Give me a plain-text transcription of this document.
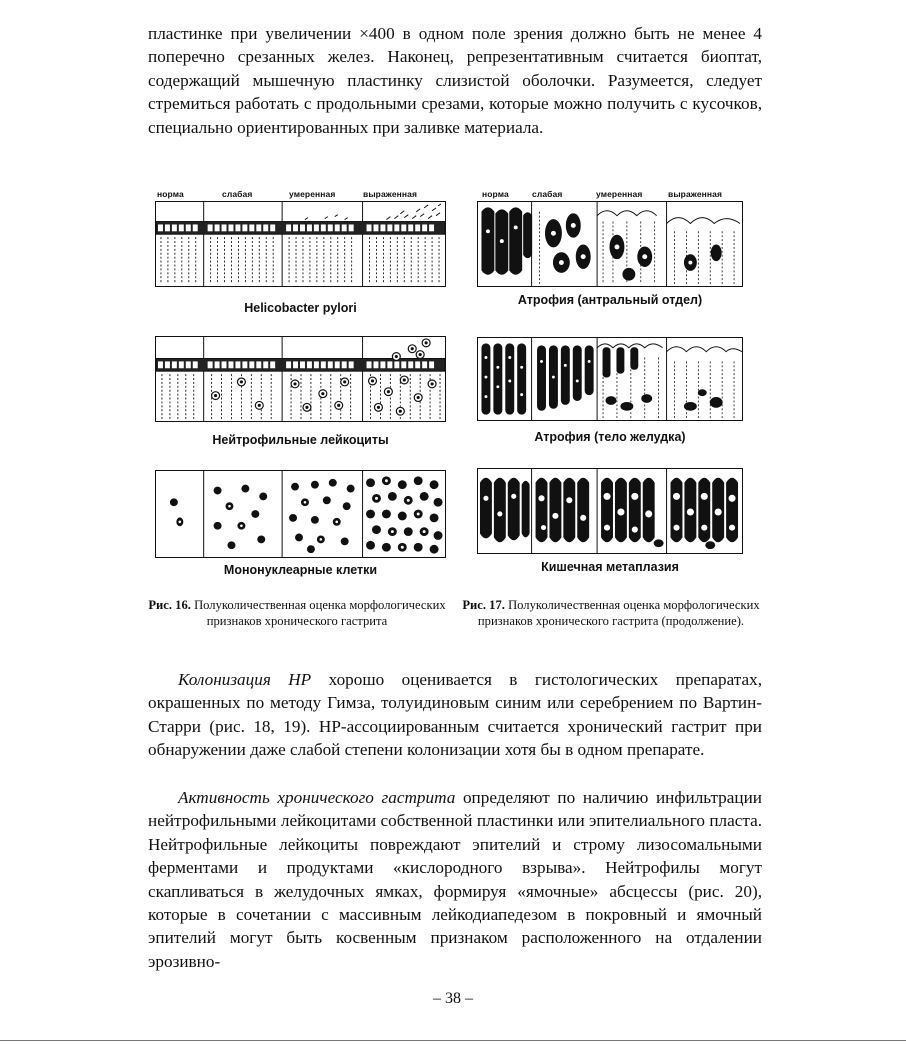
пластинке при увеличении ×400 в одном поле зрения должно быть не менее 4 поперечно срезанных желез. Наконец, репрезентативным считается биоптат, содержащий мышечную пластинку слизистой оболочки. Разумеется, следует стремиться работать с продольными срезами, которые можно получить с кусочков, специально ориентированных при заливке материала.

норма	слабая	умеренная	выраженная
Helicobacter pylori
Нейтрофильные лейкоциты
Мононуклеарные клетки
Рис. 16. Полуколичественная оценка морфологических признаков хронического гастрита
норма	слабая	умеренная	выраженная
Атрофия (антральный отдел)
Атрофия (тело желудка)
Кишечная метаплазия
Рис. 17. Полуколичественная оценка морфологических признаков хронического гастрита (продолжение).

Колонизация НР хорошо оценивается в гистологических препаратах, окрашенных по методу Гимза, толуидиновым синим или серебрением по Вартин-Старри (рис. 18, 19). НР-ассоциированным считается хронический гастрит при обнаружении даже слабой степени колонизации хотя бы в одном препарате.

Активность хронического гастрита определяют по наличию инфильтрации нейтрофильными лейкоцитами собственной пластинки или эпителиального пласта. Нейтрофильные лейкоциты повреждают эпителий и строму лизосомальными ферментами и продуктами «кислородного взрыва». Нейтрофилы могут скапливаться в желудочных ямках, формируя «ямочные» абсцессы (рис. 20), которые в сочетании с массивным лейкодиапедезом в покровный и ямочный эпителий могут быть косвенным признаком расположенного на отдалении эрозивно-

– 38 –
